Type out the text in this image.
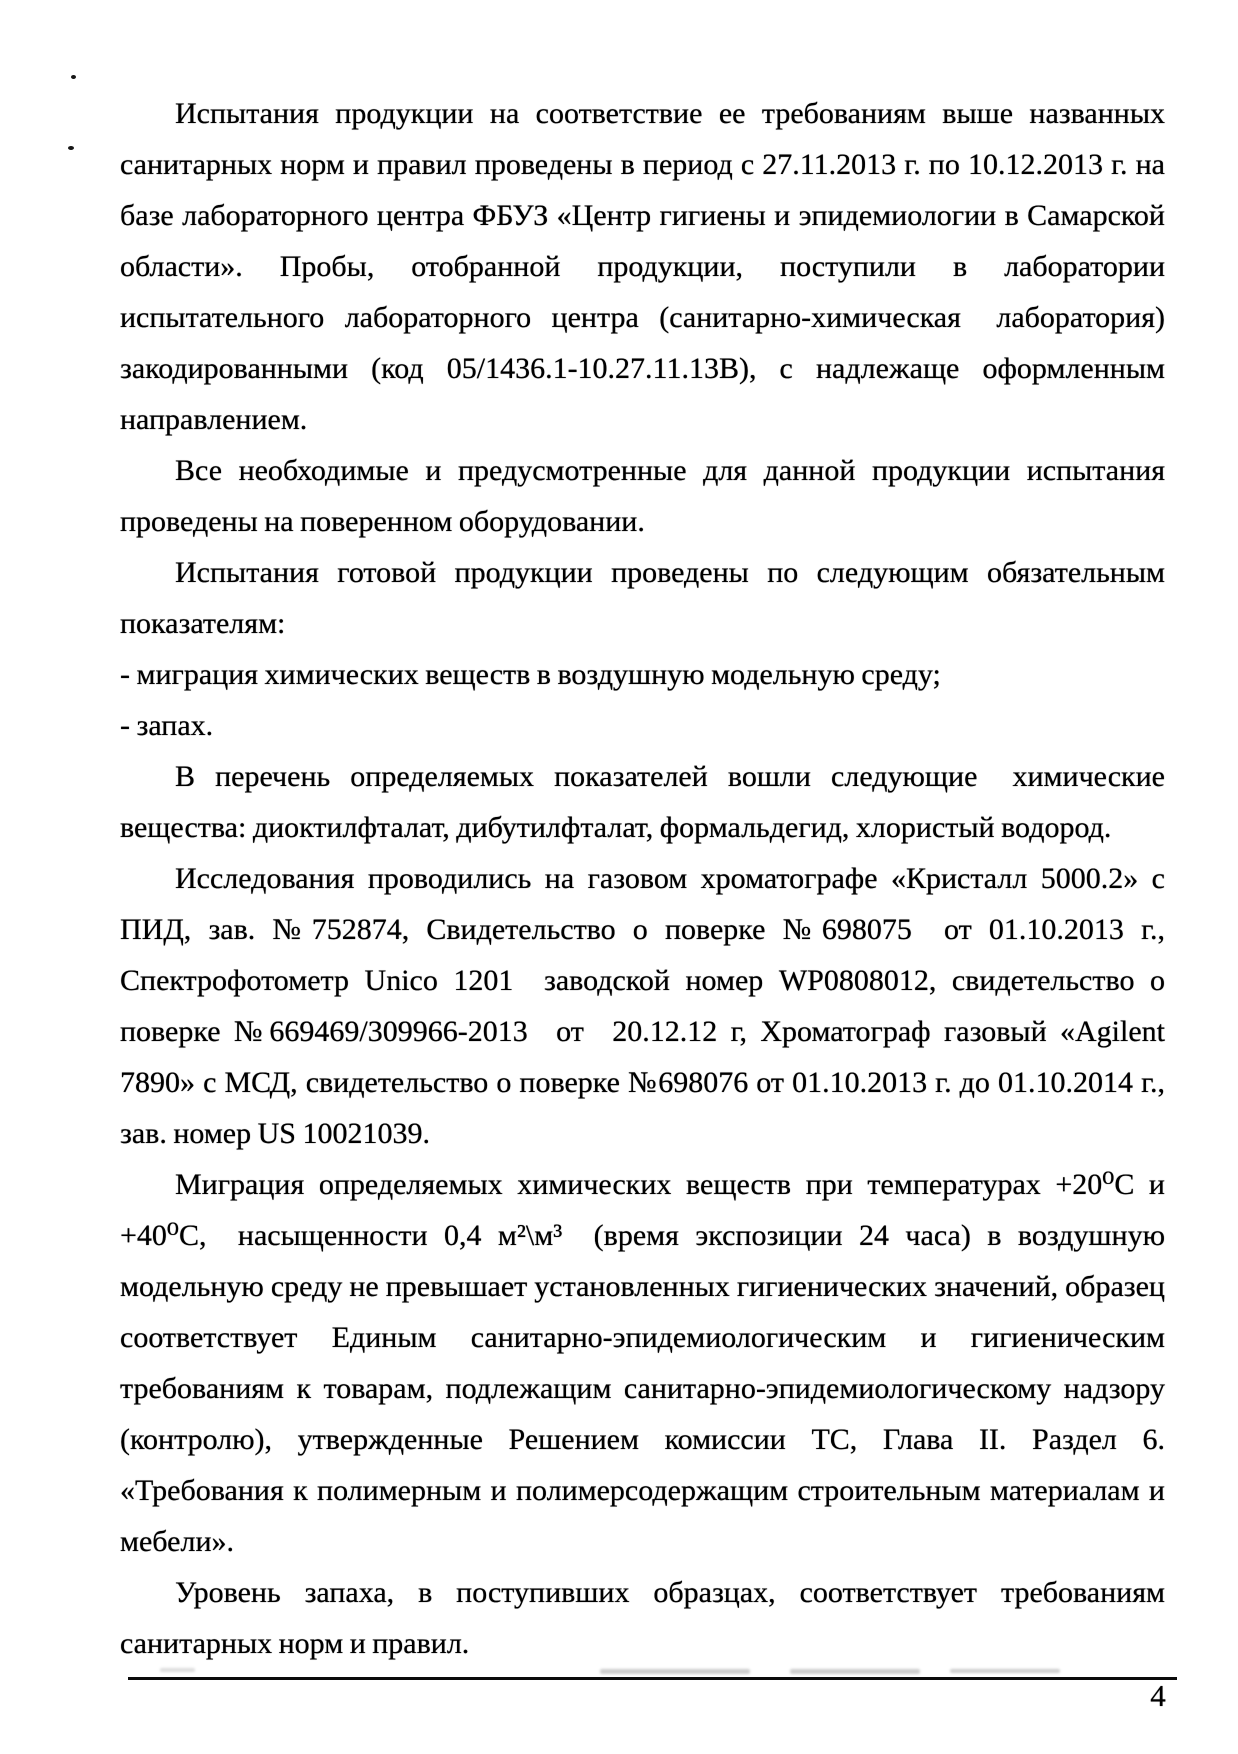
Испытания продукции на соответствие ее требованиям выше названных
санитарных норм и правил проведены в период с 27.11.2013 г. по 10.12.2013 г. на
базе лабораторного центра ФБУЗ «Центр гигиены и эпидемиологии в Самарской
области». Пробы, отобранной продукции, поступили в лаборатории
испытательного лабораторного центра (санитарно-химическая  лаборатория)
закодированными (код 05/1436.1-10.27.11.13В), с надлежаще оформленным
направлением.
Все необходимые и предусмотренные для данной продукции испытания
проведены на поверенном оборудовании.
Испытания готовой продукции проведены по следующим обязательным
показателям:
- миграция химических веществ в воздушную модельную среду;
- запах.
В перечень определяемых показателей вошли следующие  химические
вещества: диоктилфталат, дибутилфталат, формальдегид, хлористый водород.
Исследования проводились на газовом хроматографе «Кристалл 5000.2» с
ПИД, зав. №752874, Свидетельство о поверке №698075  от 01.10.2013 г.,
Спектрофотометр Unico 1201  заводской номер WP0808012, свидетельство о
поверке №669469/309966-2013  от  20.12.12 г, Хроматограф газовый «Agilent
7890» с МСД, свидетельство о поверке №698076 от 01.10.2013 г. до 01.10.2014 г.,
зав. номер US 10021039.
Миграция определяемых химических веществ при температурах +20⁰С и
+40⁰С,  насыщенности 0,4 м²\м³  (время экспозиции 24 часа) в воздушную
модельную среду не превышает установленных гигиенических значений, образец
соответствует Единым санитарно-эпидемиологическим и гигиеническим
требованиям к товарам, подлежащим санитарно-эпидемиологическому надзору
(контролю), утвержденные Решением комиссии ТС, Глава II. Раздел 6.
«Требования к полимерным и полимерсодержащим строительным материалам и
мебели».
Уровень запаха, в поступивших образцах, соответствует требованиям
санитарных норм и правил.
4
